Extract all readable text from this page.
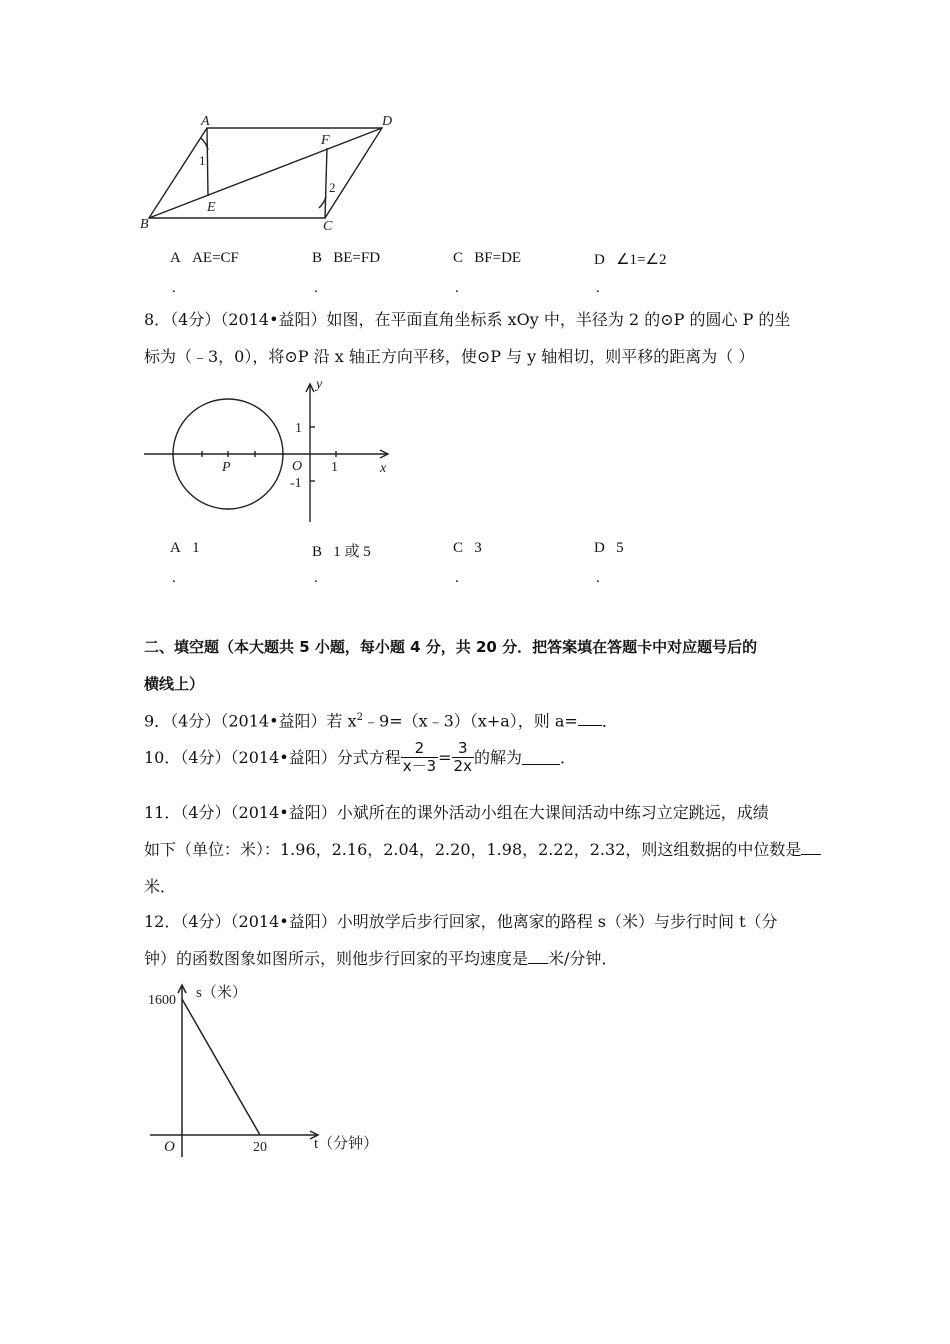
A	D
F
B
E
C
1
2
A AE=CF	B BE=FD	C BF=DE	D ∠1=∠2
.	.	.	.
8．（4分）（2014•益阳）如图，在平面直角坐标系 xOy 中，半径为 2 的⊙P 的圆心 P 的坐
标为（﹣3，0），将⊙P 沿 x 轴正方向平移，使⊙P 与 y 轴相切，则平移的距离为（ ）
y
x
O
P
1
-1
1
A 1	B 1 或 5	C 3	D 5
.	.	.	.
二、填空题（本大题共 5 小题，每小题 4 分，共 20 分．把答案填在答题卡中对应题号后的
横线上）
9．（4分）（2014•益阳）若 $x^2﹣9=(x﹣3)(x+a)$，则 a= ．
10．（4分）（2014•益阳）分式方程 $\frac{2}{x-3} = \frac{3}{2x}$ 的解为 ．
11．（4分）（2014•益阳）小斌所在的课外活动小组在大课间活动中练习立定跳远，成绩
如下（单位：米）：1.96，2.16，2.04，2.20，1.98，2.22，2.32，则这组数据的中位数是
米．
12．（4分）（2014•益阳）小明放学后步行回家，他离家的路程 s（米）与步行时间 t（分
钟）的函数图象如图所示，则他步行回家的平均速度是 米/分钟．
1600
20
O
s（米）
t（分钟）
